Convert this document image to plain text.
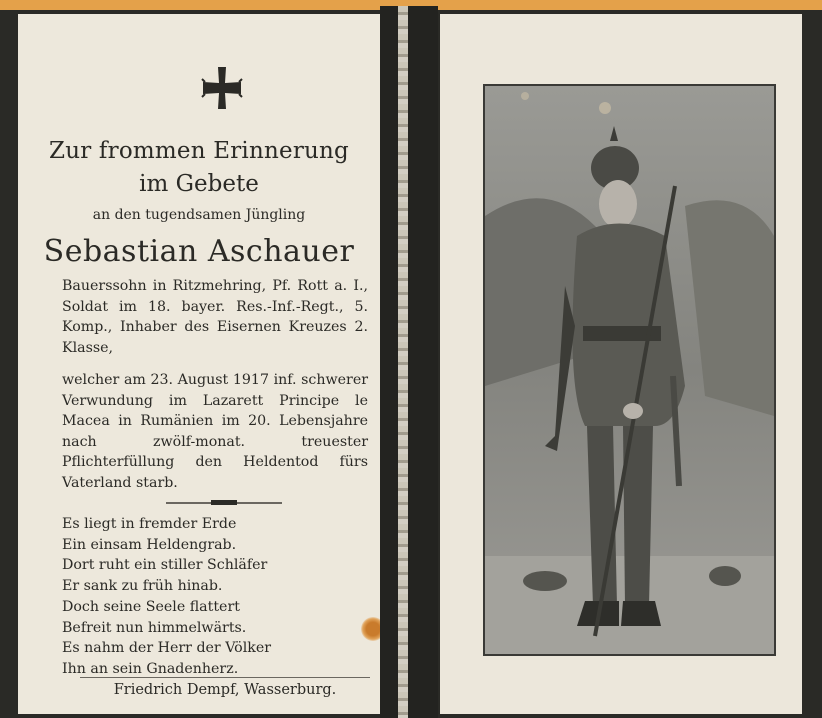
Zur frommen Erinnerung
im Gebete
an den tugendsamen Jüngling
Sebastian Aschauer
Bauerssohn in Ritzmehring, Pf. Rott a. I., Soldat im 18. bayer. Res.-Inf.-Regt., 5. Komp., Inhaber des Eisernen Kreuzes 2. Klasse,
welcher am 23. August 1917 inf. schwerer Verwundung im Lazarett Principe le Macea in Rumänien im 20. Lebensjahre nach zwölf-monat. treuester Pflichterfüllung den Heldentod fürs Vaterland starb.
Es liegt in fremder Erde
Ein einsam Heldengrab.
Dort ruht ein stiller Schläfer
Er sank zu früh hinab.
Doch seine Seele flattert
Befreit nun himmelwärts.
Es nahm der Herr der Völker
Ihn an sein Gnadenherz.
Friedrich Dempf, Wasserburg.
